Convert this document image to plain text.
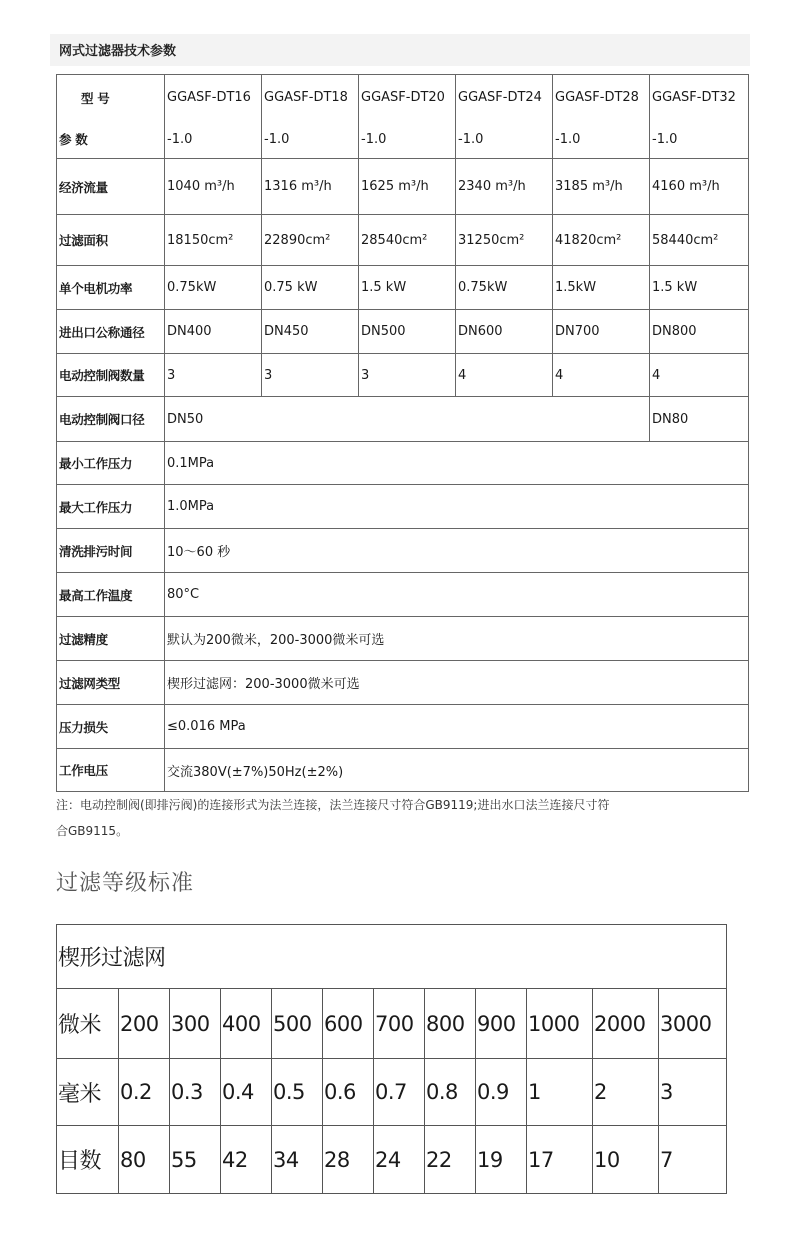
网式过滤器技术参数
型 号	GGASF-DT16	GGASF-DT18	GGASF-DT20	GGASF-DT24	GGASF-DT28	GGASF-DT32
参 数	-1.0	-1.0	-1.0	-1.0	-1.0	-1.0
经济流量	1040 m³/h	1316 m³/h	1625 m³/h	2340 m³/h	3185 m³/h	4160 m³/h
过滤面积	18150cm²	22890cm²	28540cm²	31250cm²	41820cm²	58440cm²
单个电机功率	0.75kW	0.75 kW	1.5 kW	0.75kW	1.5kW	1.5 kW
进出口公称通径	DN400	DN450	DN500	DN600	DN700	DN800
电动控制阀数量	3	3	3	4	4	4
电动控制阀口径	DN50					DN80
最小工作压力	0.1MPa					
最大工作压力	1.0MPa					
清洗排污时间	10～60 秒					
最高工作温度	80°C					
过滤精度	默认为200微米，200-3000微米可选					
过滤网类型	楔形过滤网：200-3000微米可选					
压力损失	≤0.016 MPa					
工作电压	交流380V(±7%)50Hz(±2%)					
注：电动控制阀(即排污阀)的连接形式为法兰连接，法兰连接尺寸符合GB9119;进出水口法兰连接尺寸符
合GB9115。
过滤等级标准
楔形过滤网											
微米	200	300	400	500	600	700	800	900	1000	2000	3000
毫米	0.2	0.3	0.4	0.5	0.6	0.7	0.8	0.9	1	2	3
目数	80	55	42	34	28	24	22	19	17	10	7
